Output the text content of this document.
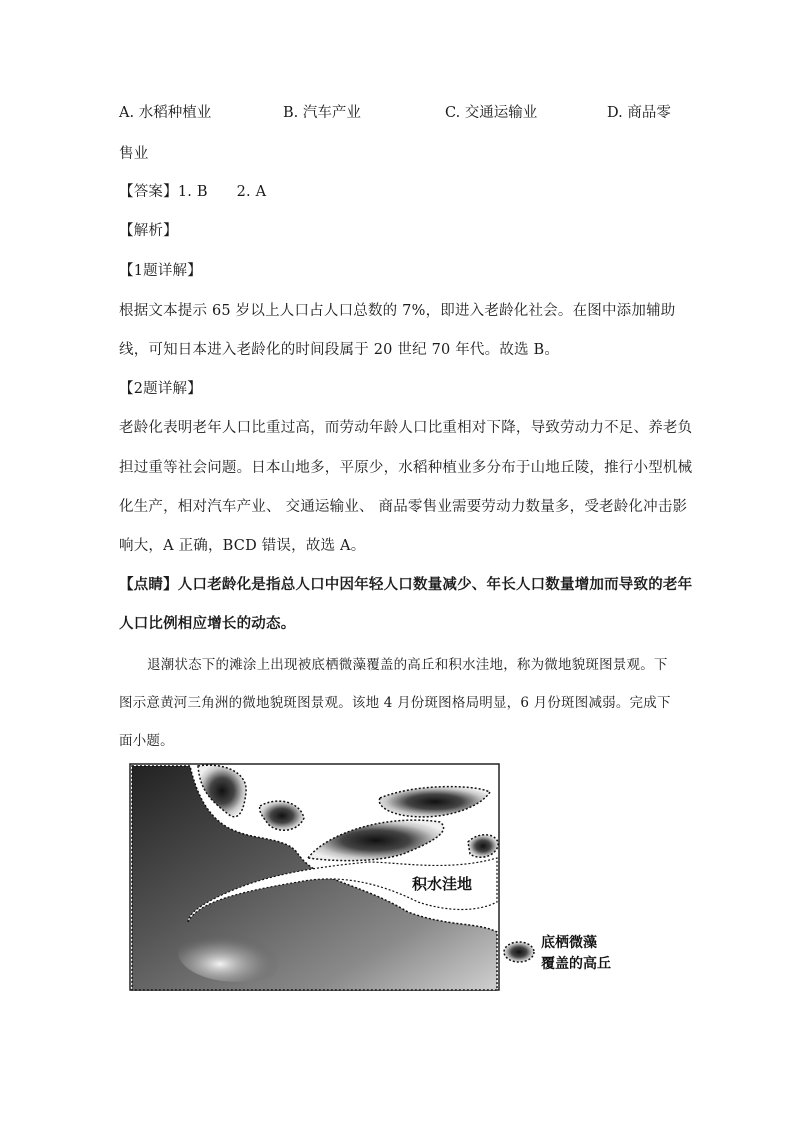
A. 水稻种植业	B. 汽车产业	C. 交通运输业	D. 商品零
售业
【答案】1. B      2. A
【解析】
【1题详解】
根据文本提示 65 岁以上人口占人口总数的 7%，即进入老龄化社会。在图中添加辅助
线，可知日本进入老龄化的时间段属于 20 世纪 70 年代。故选 B。
【2题详解】
老龄化表明老年人口比重过高，而劳动年龄人口比重相对下降，导致劳动力不足、养老负
担过重等社会问题。日本山地多，平原少，水稻种植业多分布于山地丘陵，推行小型机械
化生产，相对汽车产业、 交通运输业、 商品零售业需要劳动力数量多，受老龄化冲击影
响大，A 正确，BCD 错误，故选 A。
【点睛】人口老龄化是指总人口中因年轻人口数量减少、年长人口数量增加而导致的老年
人口比例相应增长的动态。
退潮状态下的滩涂上出现被底栖微藻覆盖的高丘和积水洼地，称为微地貌斑图景观。下
图示意黄河三角洲的微地貌斑图景观。该地 4 月份斑图格局明显，6 月份斑图减弱。完成下
面小题。
积水洼地
底栖微藻
覆盖的高丘
